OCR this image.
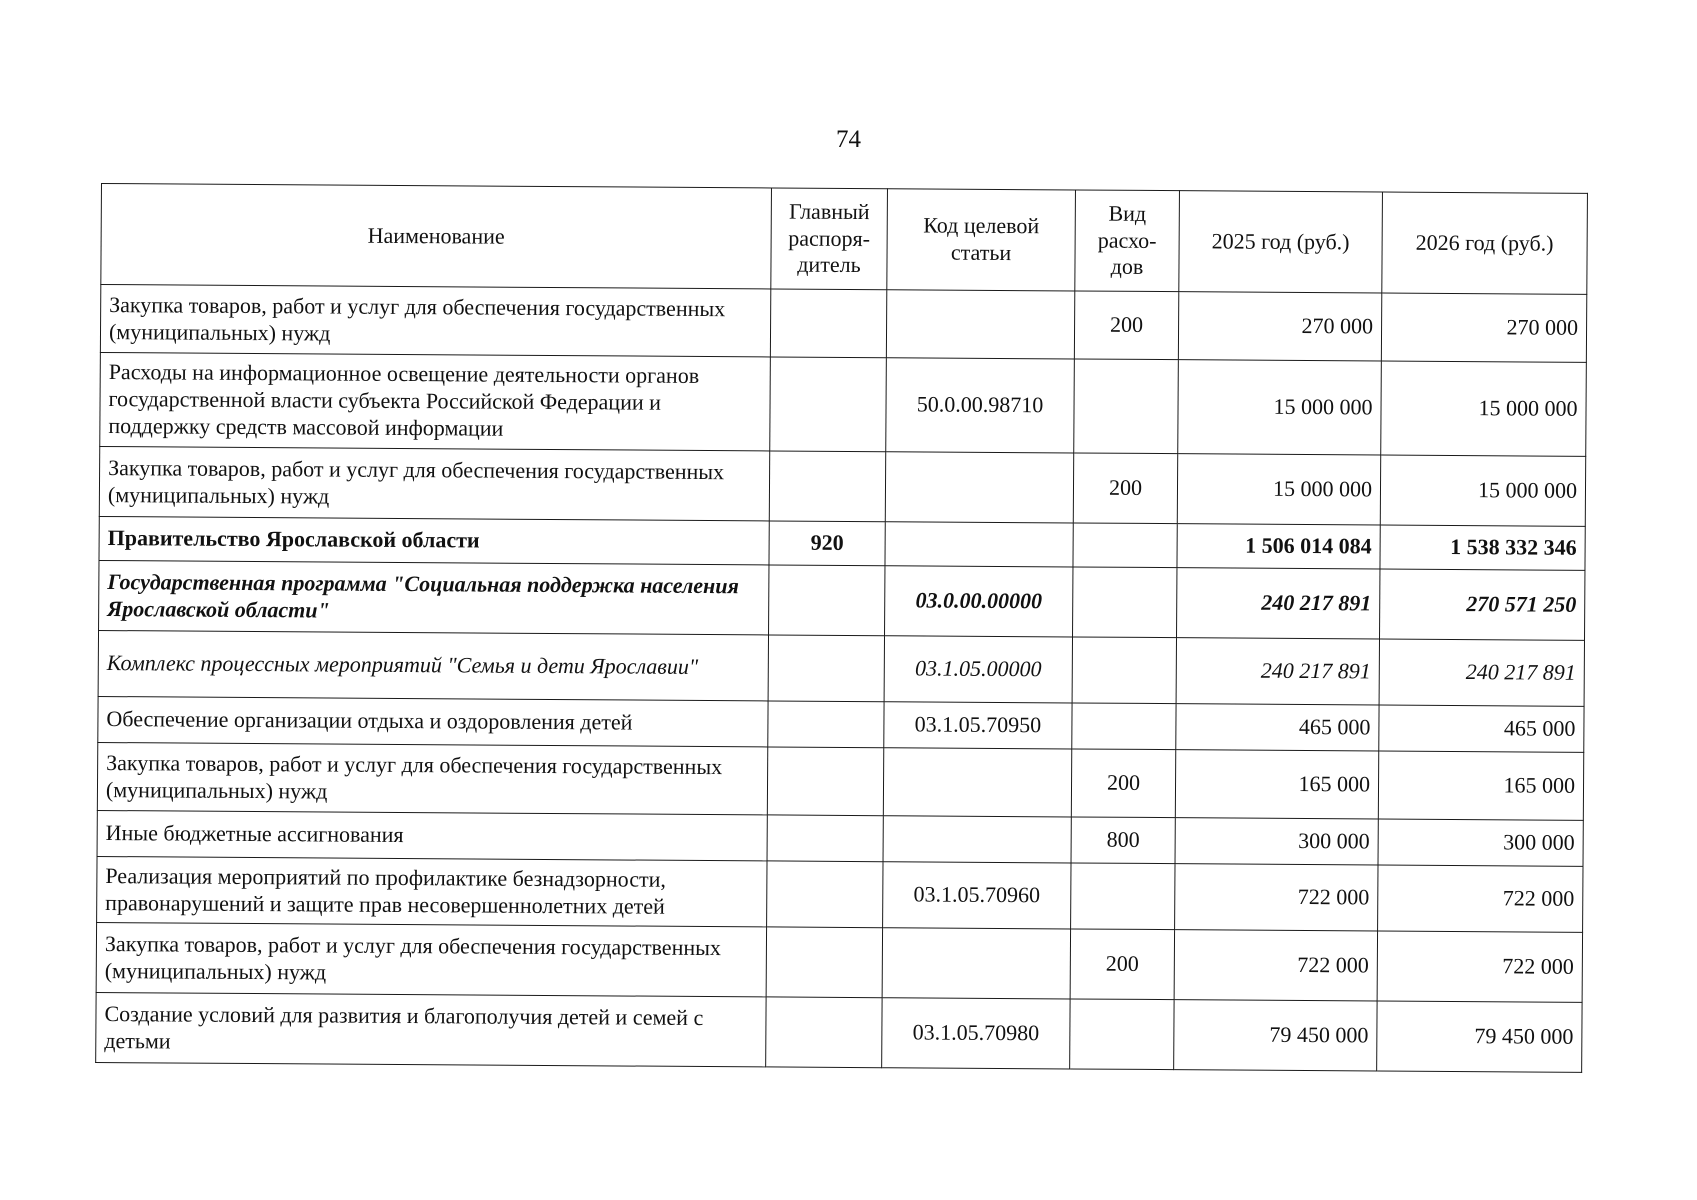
74
Наименование	Главный распоря-дитель	Код целевой статьи	Вид расхо-дов	2025 год (руб.)	2026 год (руб.)
Закупка товаров, работ и услуг для обеспечения государственных (муниципальных) нужд			200	270 000	270 000
Расходы на информационное освещение деятельности органов государственной власти субъекта Российской Федерации и поддержку средств массовой информации		50.0.00.98710		15 000 000	15 000 000
Закупка товаров, работ и услуг для обеспечения государственных (муниципальных) нужд			200	15 000 000	15 000 000
Правительство Ярославской области	920			1 506 014 084	1 538 332 346
Государственная программа "Социальная поддержка населения Ярославской области"		03.0.00.00000		240 217 891	270 571 250
Комплекс процессных мероприятий "Семья и дети Ярославии"		03.1.05.00000		240 217 891	240 217 891
Обеспечение организации отдыха и оздоровления детей		03.1.05.70950		465 000	465 000
Закупка товаров, работ и услуг для обеспечения государственных (муниципальных) нужд			200	165 000	165 000
Иные бюджетные ассигнования			800	300 000	300 000
Реализация мероприятий по профилактике безнадзорности, правонарушений и защите прав несовершеннолетних детей		03.1.05.70960		722 000	722 000
Закупка товаров, работ и услуг для обеспечения государственных (муниципальных) нужд			200	722 000	722 000
Создание условий для развития и благополучия детей и семей с детьми		03.1.05.70980		79 450 000	79 450 000
